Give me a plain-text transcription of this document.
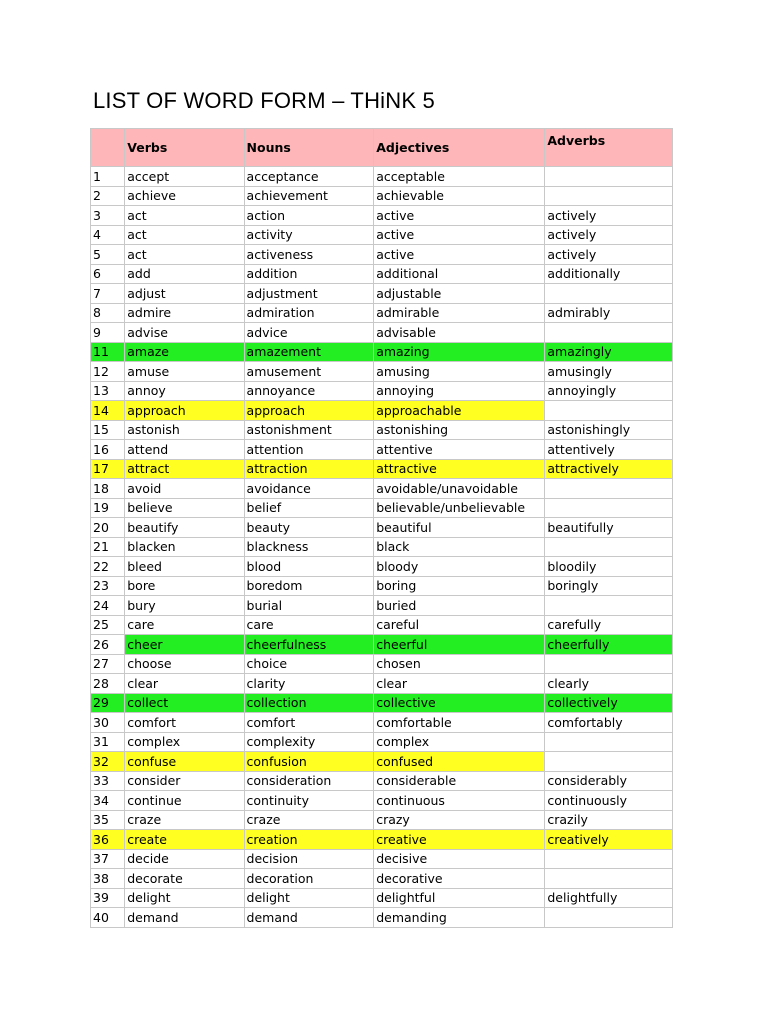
LIST OF WORD FORM – THiNK 5
	Verbs	Nouns	Adjectives	Adverbs
1	accept	acceptance	acceptable	
2	achieve	achievement	achievable	
3	act	action	active	actively
4	act	activity	active	actively
5	act	activeness	active	actively
6	add	addition	additional	additionally
7	adjust	adjustment	adjustable	
8	admire	admiration	admirable	admirably
9	advise	advice	advisable	
11	amaze	amazement	amazing	amazingly
12	amuse	amusement	amusing	amusingly
13	annoy	annoyance	annoying	annoyingly
14	approach	approach	approachable	
15	astonish	astonishment	astonishing	astonishingly
16	attend	attention	attentive	attentively
17	attract	attraction	attractive	attractively
18	avoid	avoidance	avoidable/unavoidable	
19	believe	belief	believable/unbelievable	
20	beautify	beauty	beautiful	beautifully
21	blacken	blackness	black	
22	bleed	blood	bloody	bloodily
23	bore	boredom	boring	boringly
24	bury	burial	buried	
25	care	care	careful	carefully
26	cheer	cheerfulness	cheerful	cheerfully
27	choose	choice	chosen	
28	clear	clarity	clear	clearly
29	collect	collection	collective	collectively
30	comfort	comfort	comfortable	comfortably
31	complex	complexity	complex	
32	confuse	confusion	confused	
33	consider	consideration	considerable	considerably
34	continue	continuity	continuous	continuously
35	craze	craze	crazy	crazily
36	create	creation	creative	creatively
37	decide	decision	decisive	
38	decorate	decoration	decorative	
39	delight	delight	delightful	delightfully
40	demand	demand	demanding	
